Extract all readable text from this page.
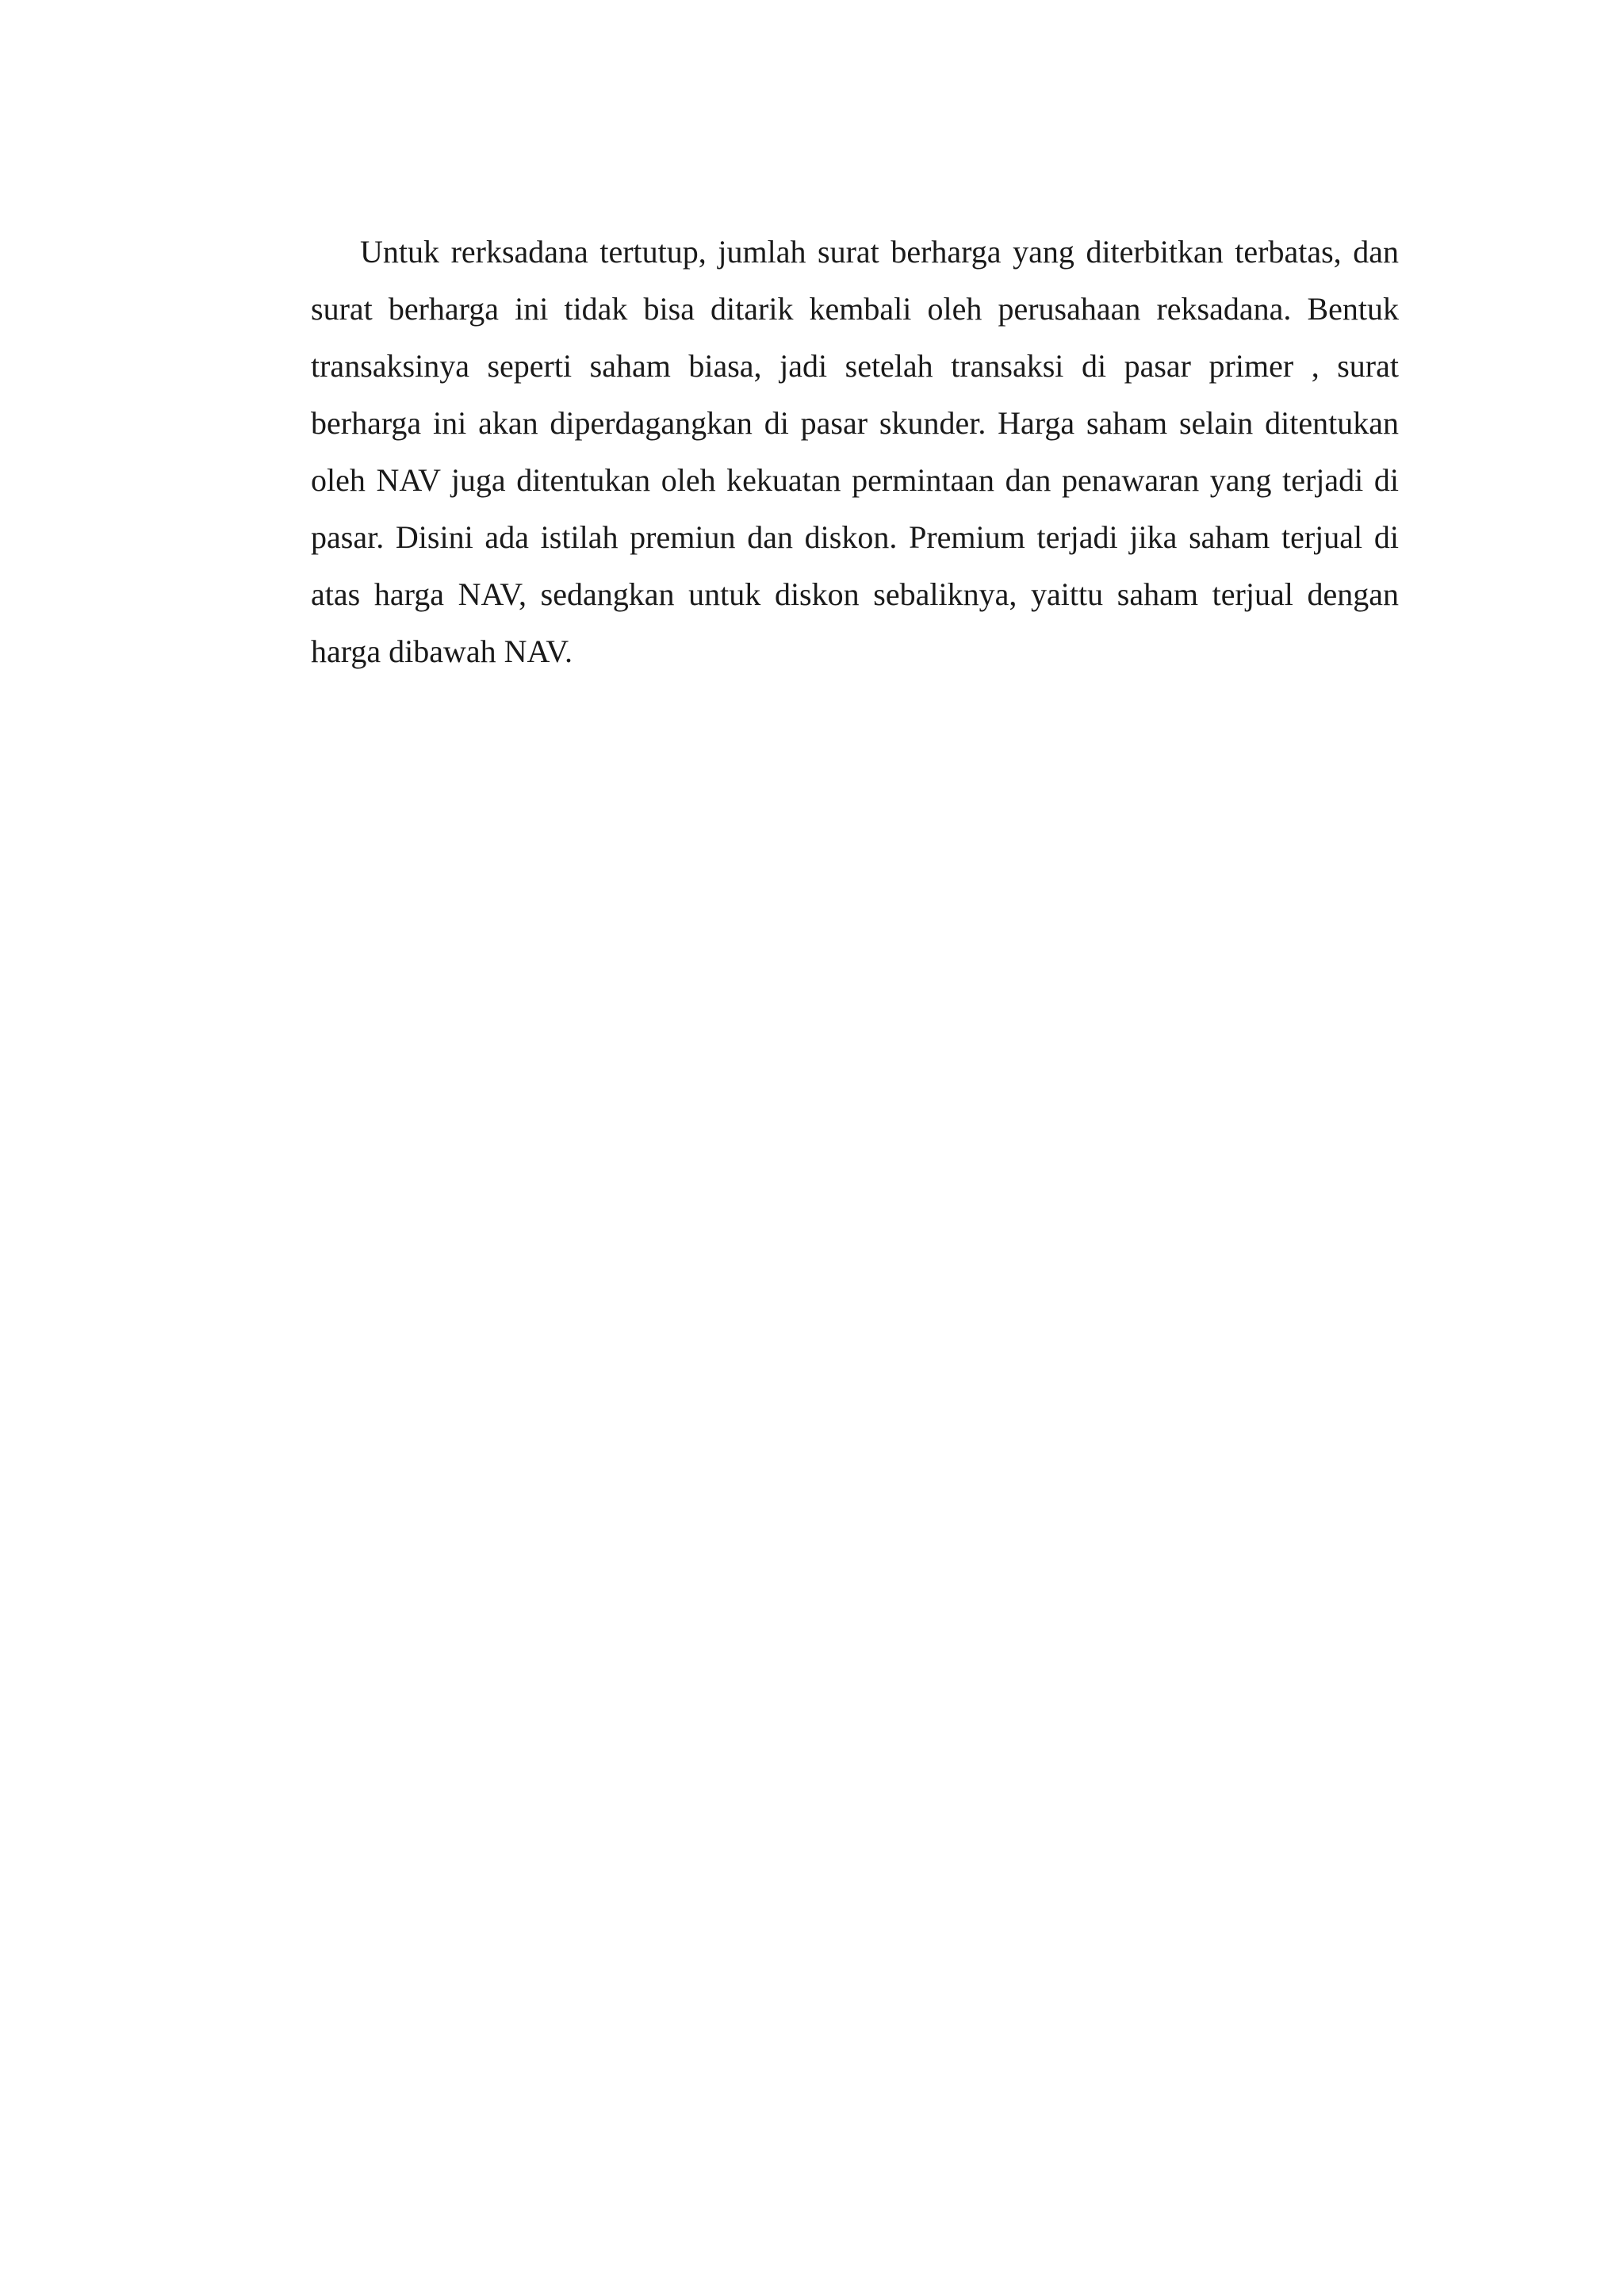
Untuk rerksadana tertutup, jumlah surat berharga yang diterbitkan terbatas, dan surat berharga ini tidak bisa ditarik kembali oleh perusahaan reksadana. Bentuk transaksinya seperti saham biasa, jadi setelah transaksi di pasar primer , surat berharga ini akan diperdagangkan di pasar skunder. Harga saham selain ditentukan oleh NAV juga ditentukan oleh kekuatan permintaan dan penawaran yang terjadi di pasar. Disini ada istilah premiun dan diskon. Premium terjadi jika saham terjual di atas harga NAV, sedangkan untuk diskon sebaliknya, yaittu saham terjual dengan harga dibawah NAV.
